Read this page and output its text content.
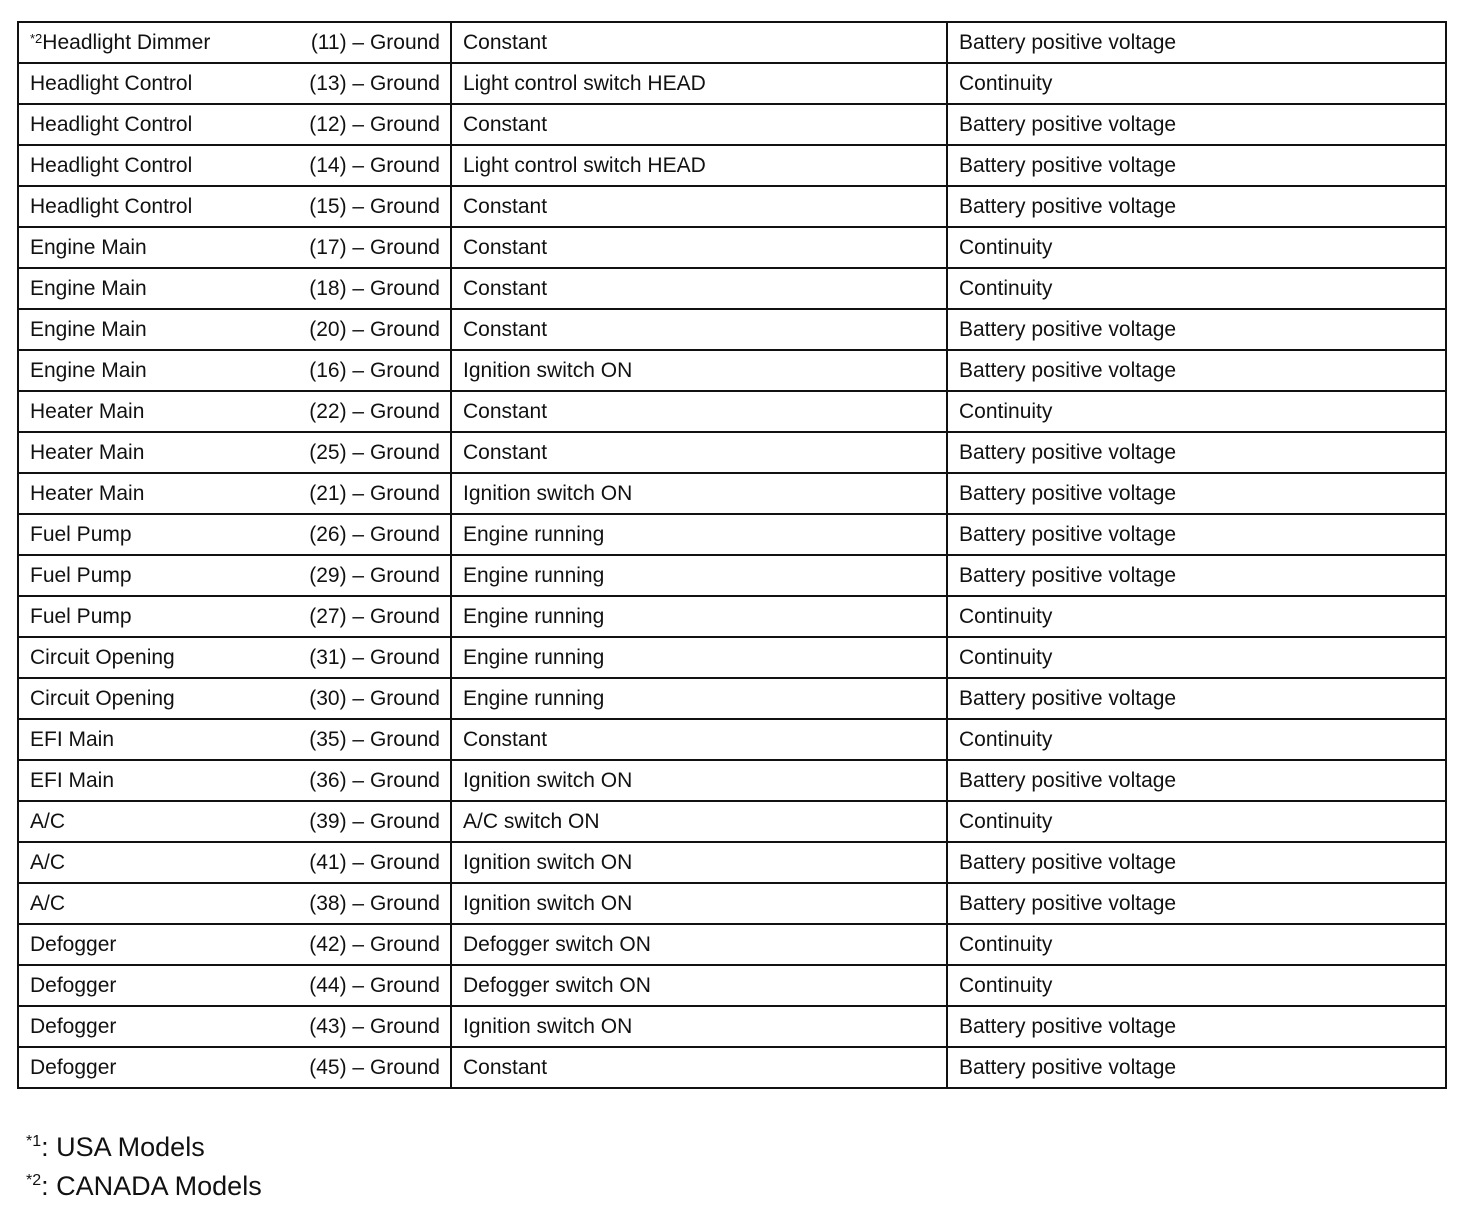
$^{*2}$Headlight Dimmer (11) – Ground	Constant	Battery positive voltage

Headlight Control (13) – Ground	Light control switch HEAD	Continuity

Headlight Control (12) – Ground	Constant	Battery positive voltage

Headlight Control (14) – Ground	Light control switch HEAD	Battery positive voltage

Headlight Control (15) – Ground	Constant	Battery positive voltage

Engine Main (17) – Ground	Constant	Continuity

Engine Main (18) – Ground	Constant	Continuity

Engine Main (20) – Ground	Constant	Battery positive voltage

Engine Main (16) – Ground	Ignition switch ON	Battery positive voltage

Heater Main (22) – Ground	Constant	Continuity

Heater Main (25) – Ground	Constant	Battery positive voltage

Heater Main (21) – Ground	Ignition switch ON	Battery positive voltage

Fuel Pump (26) – Ground	Engine running	Battery positive voltage

Fuel Pump (29) – Ground	Engine running	Battery positive voltage

Fuel Pump (27) – Ground	Engine running	Continuity

Circuit Opening (31) – Ground	Engine running	Continuity

Circuit Opening (30) – Ground	Engine running	Battery positive voltage

EFI Main (35) – Ground	Constant	Continuity

EFI Main (36) – Ground	Ignition switch ON	Battery positive voltage

A/C (39) – Ground	A/C switch ON	Continuity

A/C (41) – Ground	Ignition switch ON	Battery positive voltage

A/C (38) – Ground	Ignition switch ON	Battery positive voltage

Defogger (42) – Ground	Defogger switch ON	Continuity

Defogger (44) – Ground	Defogger switch ON	Continuity

Defogger (43) – Ground	Ignition switch ON	Battery positive voltage

Defogger (45) – Ground	Constant	Battery positive voltage
$^{*1}$: USA Models
$^{*2}$: CANADA Models
